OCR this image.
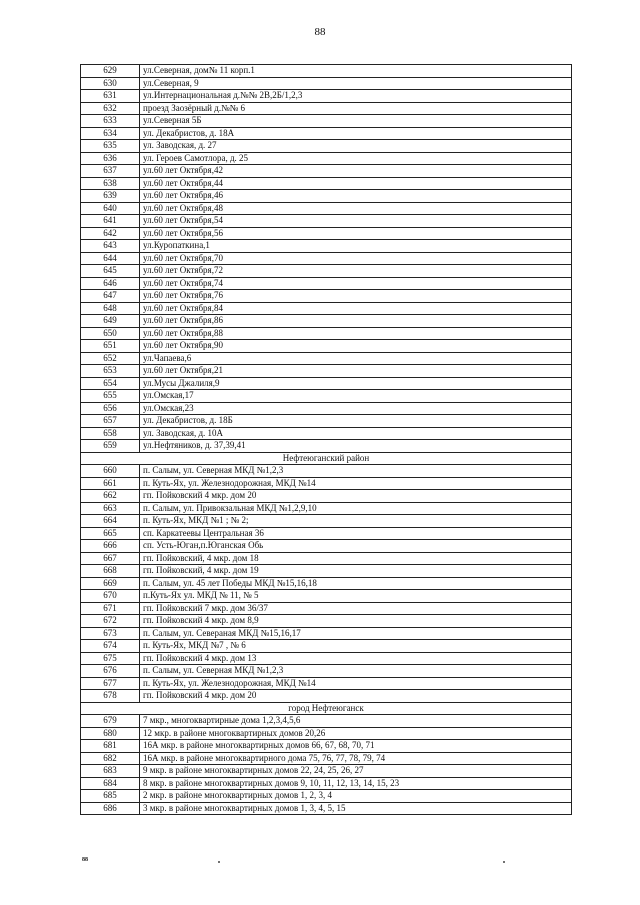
88
629	ул.Северная, дом№ 11 корп.1
630	ул.Северная, 9
631	ул.Интернациональная д.№№ 2В,2Б/1,2,3
632	проезд Заозёрный д.№№ 6
633	ул.Северная 5Б
634	ул. Декабристов, д. 18А
635	ул. Заводская, д. 27
636	ул. Героев Самотлора, д. 25
637	ул.60 лет Октября,42
638	ул.60 лет Октября,44
639	ул.60 лет Октября,46
640	ул.60 лет Октября,48
641	ул.60 лет Октября,54
642	ул.60 лет Октября,56
643	ул.Куропаткина,1
644	ул.60 лет Октября,70
645	ул.60 лет Октября,72
646	ул.60 лет Октября,74
647	ул.60 лет Октября,76
648	ул.60 лет Октября,84
649	ул.60 лет Октября,86
650	ул.60 лет Октября,88
651	ул.60 лет Октября,90
652	ул.Чапаева,6
653	ул.60 лет Октября,21
654	ул.Мусы Джалиля,9
655	ул.Омская,17
656	ул.Омская,23
657	ул. Декабристов, д. 18Б
658	ул. Заводская, д. 10А
659	ул.Нефтяников, д. 37,39,41
Нефтеюганский район	
660	п. Салым, ул. Северная МКД №1,2,3
661	п. Куть-Ях, ул. Железнодорожная, МКД №14
662	гп. Пойковский 4 мкр. дом 20
663	п. Салым, ул. Привокзальная МКД №1,2,9,10
664	п. Куть-Ях, МКД №1 ; № 2;
665	сп. Каркатеевы Центральная 36
666	сп. Усть-Юган,п.Юганская Обь
667	гп. Пойковский, 4 мкр. дом 18
668	гп. Пойковский, 4 мкр. дом 19
669	п. Салым, ул. 45 лет Победы МКД №15,16,18
670	п.Куть-Ях ул. МКД № 11, № 5
671	гп. Пойковский 7 мкр. дом 36/37
672	гп. Пойковский 4 мкр. дом 8,9
673	п. Салым, ул. Севераная МКД №15,16,17
674	п. Куть-Ях, МКД №7 , № 6
675	гп. Пойковский 4 мкр. дом 13
676	п. Салым, ул. Северная МКД №1,2,3
677	п. Куть-Ях, ул. Железнодорожная, МКД №14
678	гп. Пойковский 4 мкр. дом 20
город Нефтеюганск	
679	7 мкр., многоквартирные дома 1,2,3,4,5,6
680	12 мкр. в районе многоквартирных домов 20,26
681	16А мкр. в районе многоквартирных домов 66, 67, 68, 70, 71
682	16А мкр. в районе многоквартирного дома 75, 76, 77, 78, 79, 74
683	9 мкр. в районе многоквартирных домов 22, 24, 25, 26, 27
684	8 мкр. в районе многоквартирных домов 9, 10, 11, 12, 13, 14, 15, 23
685	2 мкр. в районе многоквартирных домов 1, 2, 3, 4
686	3 мкр. в районе многоквартирных домов 1, 3, 4, 5, 15
88
